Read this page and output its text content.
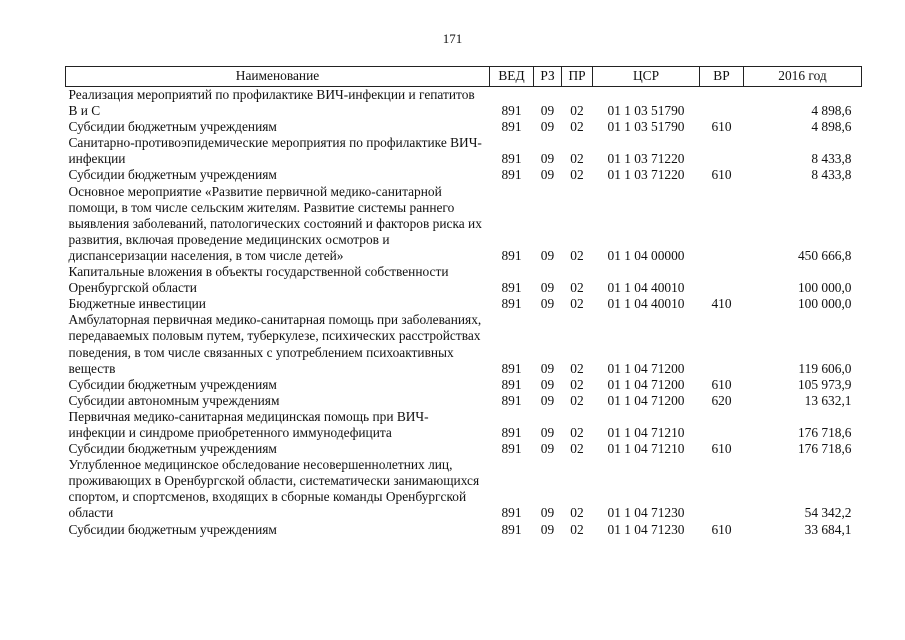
171
Наименование	ВЕД	РЗ	ПР	ЦСР	ВР	2016 год
Реализация мероприятий по профилактике ВИЧ-инфекции и гепатитов В и С	891	09	02	01 1 03 51790		4 898,6
Субсидии бюджетным учреждениям	891	09	02	01 1 03 51790	610	4 898,6
Санитарно-противоэпидемические мероприятия по профилактике ВИЧ-инфекции	891	09	02	01 1 03 71220		8 433,8
Субсидии бюджетным учреждениям	891	09	02	01 1 03 71220	610	8 433,8
Основное мероприятие «Развитие первичной медико-санитарной помощи, в том числе сельским жителям. Развитие системы раннего выявления заболеваний, патологических состояний и факторов риска их развития, включая проведение медицинских осмотров и диспансеризации населения, в том числе детей»	891	09	02	01 1 04 00000		450 666,8
Капитальные вложения в объекты государственной собственности Оренбургской области	891	09	02	01 1 04 40010		100 000,0
Бюджетные инвестиции	891	09	02	01 1 04 40010	410	100 000,0
Амбулаторная первичная медико-санитарная помощь при заболеваниях, передаваемых половым путем, туберкулезе, психических расстройствах поведения, в том числе связанных с употреблением психоактивных веществ	891	09	02	01 1 04 71200		119 606,0
Субсидии бюджетным учреждениям	891	09	02	01 1 04 71200	610	105 973,9
Субсидии автономным учреждениям	891	09	02	01 1 04 71200	620	13 632,1
Первичная медико-санитарная медицинская помощь при ВИЧ-инфекции и синдроме приобретенного иммунодефицита	891	09	02	01 1 04 71210		176 718,6
Субсидии бюджетным учреждениям	891	09	02	01 1 04 71210	610	176 718,6
Углубленное медицинское обследование несовершеннолетних лиц, проживающих в Оренбургской области, систематически занимающихся спортом, и спортсменов, входящих в сборные команды Оренбургской области	891	09	02	01 1 04 71230		54 342,2
Субсидии бюджетным учреждениям	891	09	02	01 1 04 71230	610	33 684,1
